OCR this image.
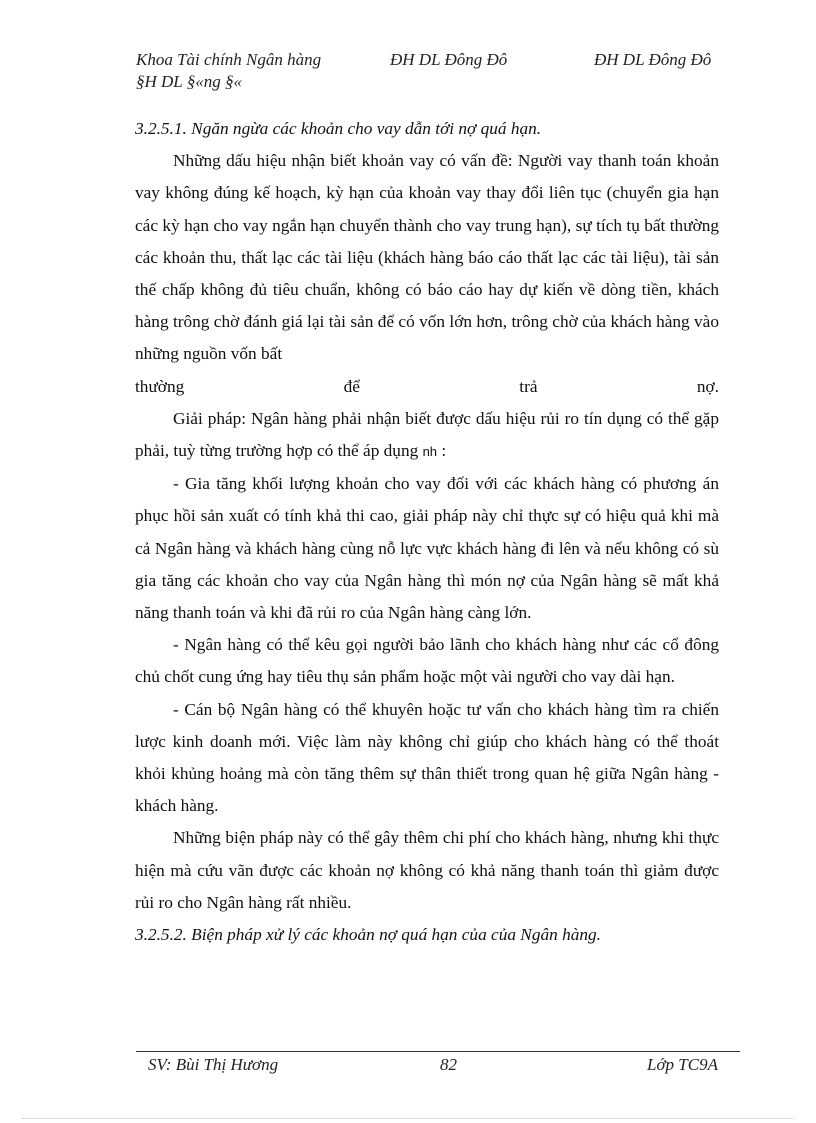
Khoa Tài chính Ngân hàng	ĐH DL Đông Đô	ĐH DL Đông Đô
§H DL §«ng §«

3.2.5.1. Ngăn ngừa các khoản cho vay dẫn tới nợ quá hạn.

Những dấu hiệu nhận biết khoản vay có vấn đề: Người vay thanh toán khoản vay không đúng kế hoạch, kỳ hạn của khoản vay thay đổi liên tục (chuyển gia hạn các kỳ hạn cho vay ngắn hạn chuyển thành cho vay trung hạn), sự tích tụ bất thường các khoản thu, thất lạc các tài liệu (khách hàng báo cáo thất lạc các tài liệu), tài sản thế chấp không đủ tiêu chuẩn, không có báo cáo hay dự kiến về dòng tiền, khách hàng trông chờ đánh giá lại tài sản để có vốn lớn hơn, trông chờ của khách hàng vào những nguồn vốn bất

thường để trả nợ.

Giải pháp: Ngân hàng phải nhận biết được dấu hiệu rủi ro tín dụng có thể gặp phải, tuỳ từng trường hợp có thể áp dụng nh :

- Gia tăng khối lượng khoản cho vay đối với các khách hàng có phương án phục hồi sản xuất có tính khả thi cao, giải pháp này chỉ thực sự có hiệu quả khi mà cả Ngân hàng và khách hàng cùng nỗ lực vực khách hàng đi lên và nếu không có sù gia tăng các khoản cho vay của Ngân hàng thì món nợ của Ngân hàng sẽ mất khả năng thanh toán và khi đã rủi ro của Ngân hàng càng lớn.

- Ngân hàng có thể kêu gọi người bảo lãnh cho khách hàng như các cổ đông chủ chốt cung ứng hay tiêu thụ sản phẩm hoặc một vài người cho vay dài hạn.

- Cán bộ Ngân hàng có thể khuyên hoặc tư vấn cho khách hàng tìm ra chiến lược kinh doanh mới. Việc làm này không chỉ giúp cho khách hàng có thể thoát khỏi khủng hoảng mà còn tăng thêm sự thân thiết trong quan hệ giữa Ngân hàng - khách hàng.

Những biện pháp này có thể gây thêm chi phí cho khách hàng, nhưng khi thực hiện mà cứu vãn được các khoản nợ không có khả năng thanh toán thì giảm được rủi ro cho Ngân hàng rất nhiều.

3.2.5.2. Biện pháp xử lý các khoản nợ quá hạn của của Ngân hàng.

SV: Bùi Thị Hương	82	Lớp TC9A
